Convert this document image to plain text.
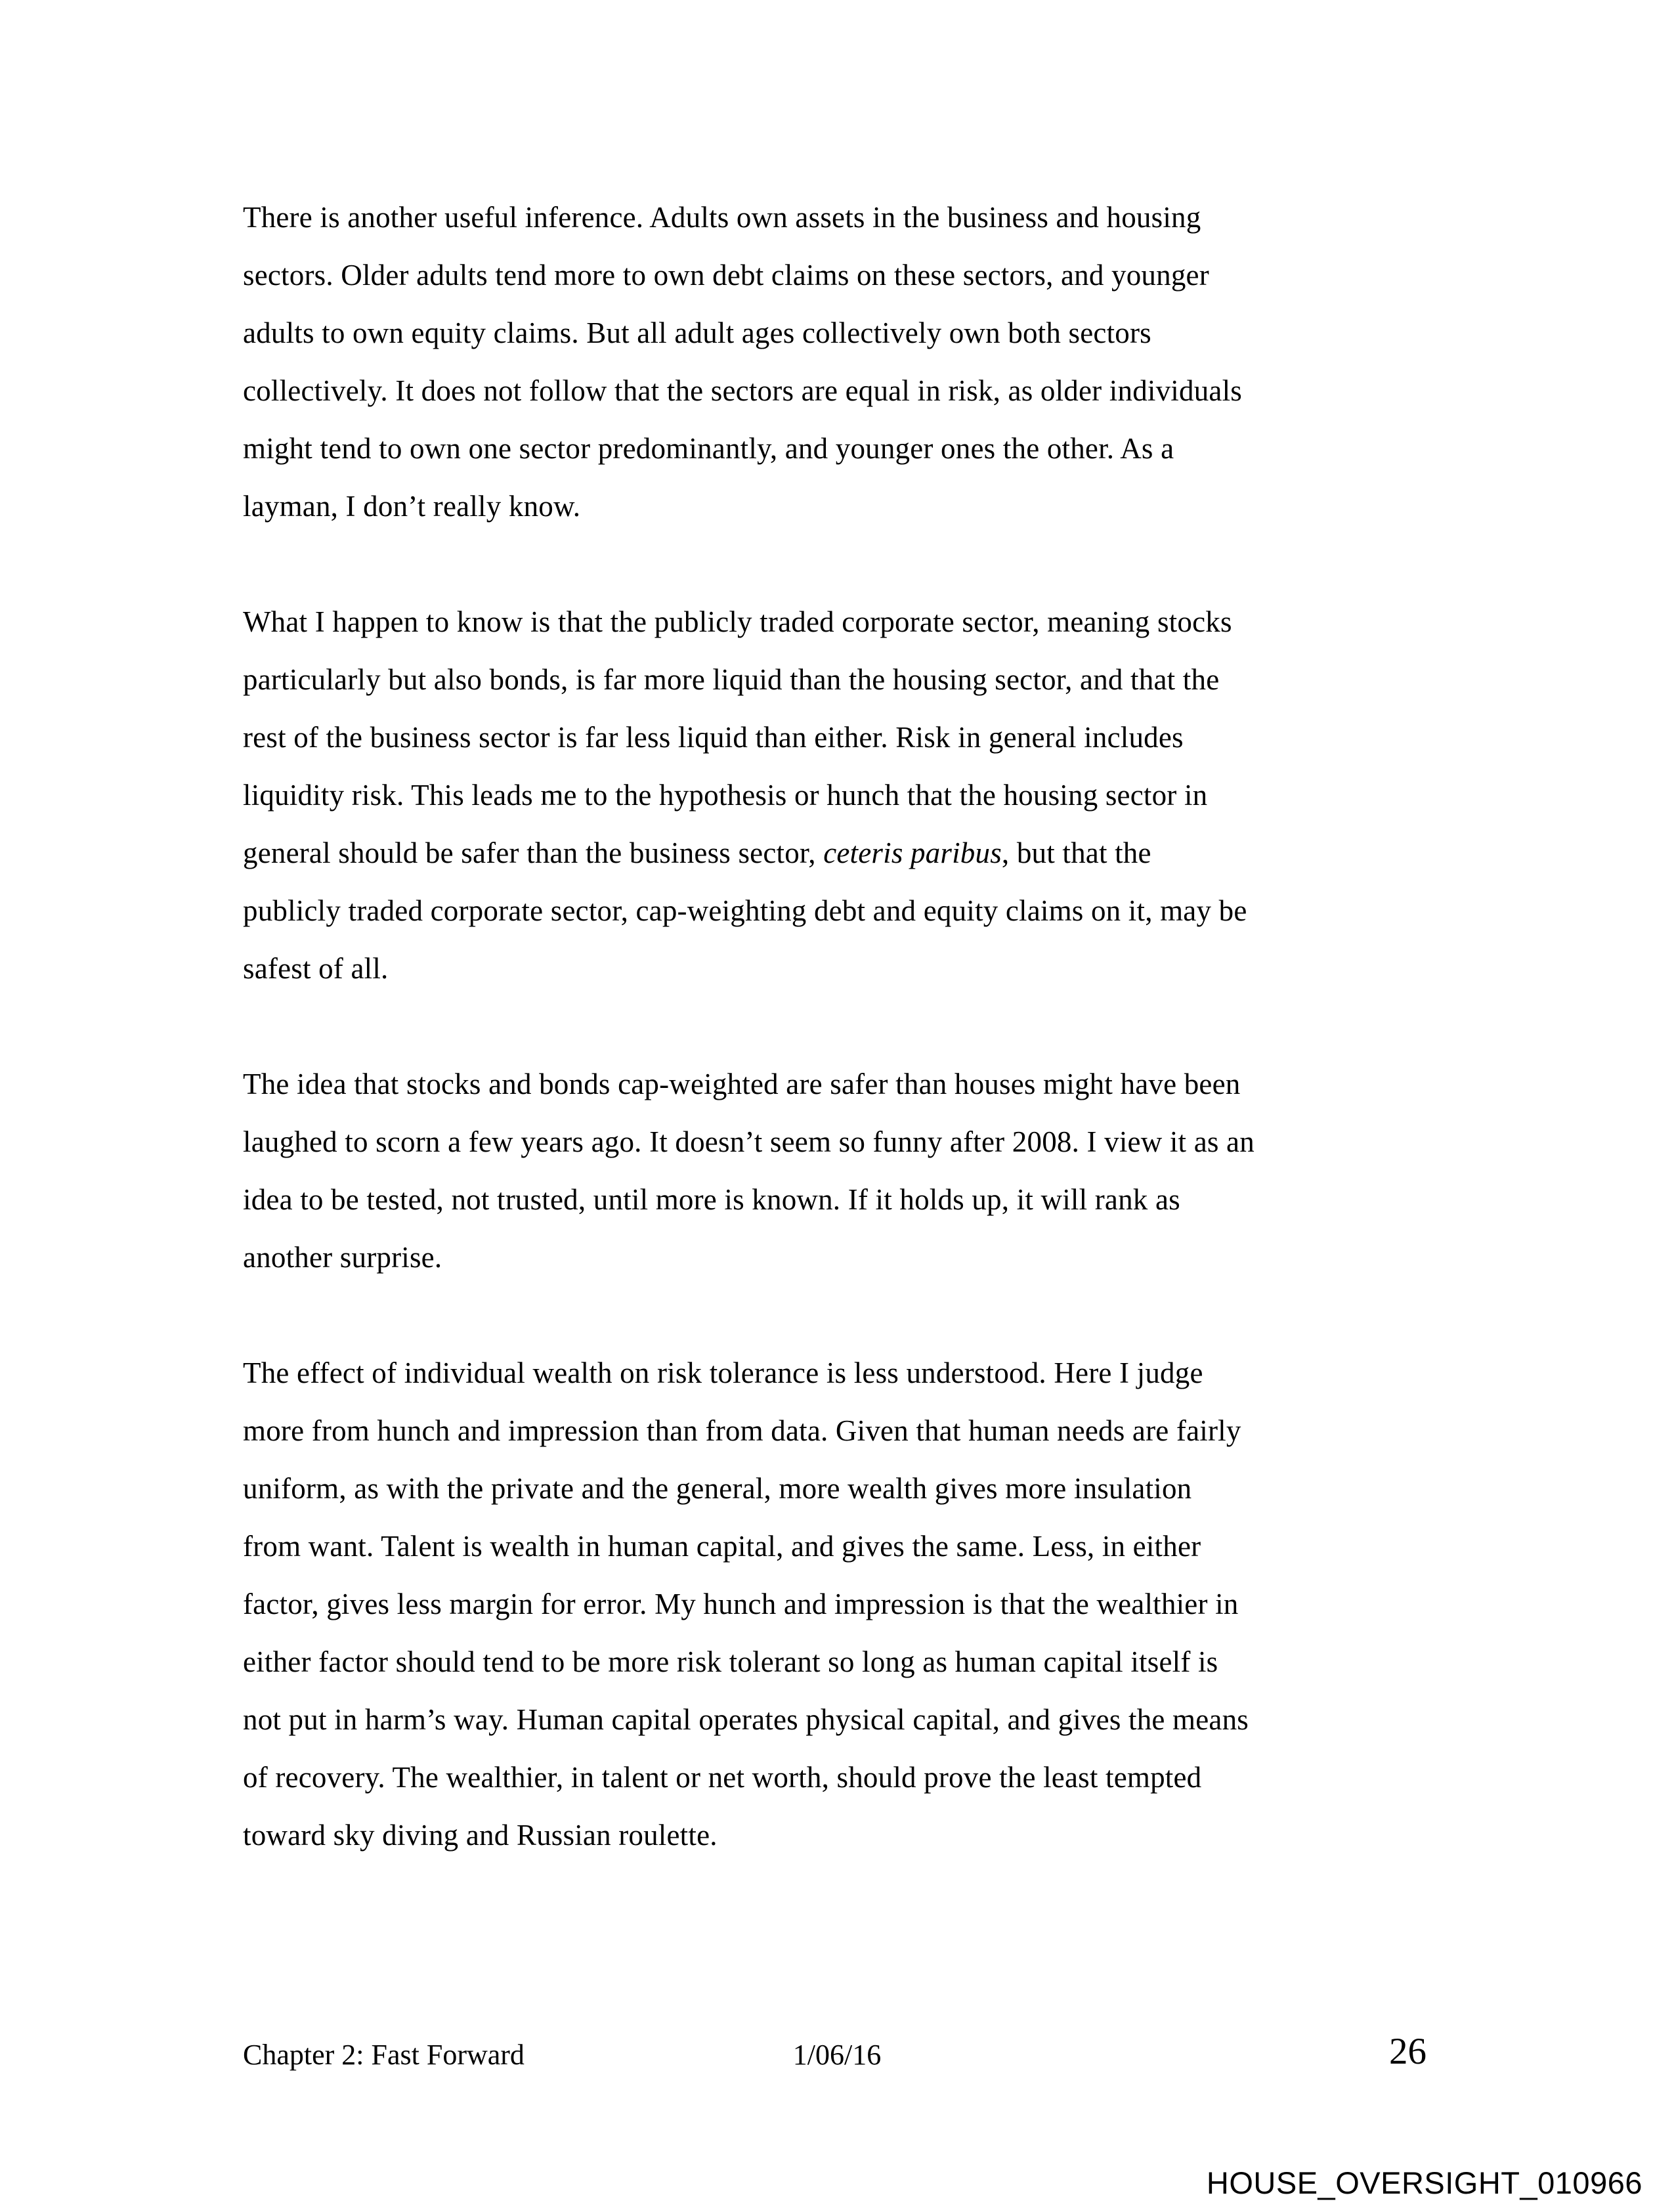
There is another useful inference. Adults own assets in the business and housing
sectors. Older adults tend more to own debt claims on these sectors, and younger
adults to own equity claims. But all adult ages collectively own both sectors
collectively. It does not follow that the sectors are equal in risk, as older individuals
might tend to own one sector predominantly, and younger ones the other. As a
layman, I don’t really know.
What I happen to know is that the publicly traded corporate sector, meaning stocks
particularly but also bonds, is far more liquid than the housing sector, and that the
rest of the business sector is far less liquid than either. Risk in general includes
liquidity risk. This leads me to the hypothesis or hunch that the housing sector in
general should be safer than the business sector, ceteris paribus, but that the
publicly traded corporate sector, cap-weighting debt and equity claims on it, may be
safest of all.
The idea that stocks and bonds cap-weighted are safer than houses might have been
laughed to scorn a few years ago. It doesn’t seem so funny after 2008. I view it as an
idea to be tested, not trusted, until more is known. If it holds up, it will rank as
another surprise.
The effect of individual wealth on risk tolerance is less understood. Here I judge
more from hunch and impression than from data. Given that human needs are fairly
uniform, as with the private and the general, more wealth gives more insulation
from want. Talent is wealth in human capital, and gives the same. Less, in either
factor, gives less margin for error. My hunch and impression is that the wealthier in
either factor should tend to be more risk tolerant so long as human capital itself is
not put in harm’s way. Human capital operates physical capital, and gives the means
of recovery. The wealthier, in talent or net worth, should prove the least tempted
toward sky diving and Russian roulette.
Chapter 2: Fast Forward	1/06/16	26
HOUSE_OVERSIGHT_010966
